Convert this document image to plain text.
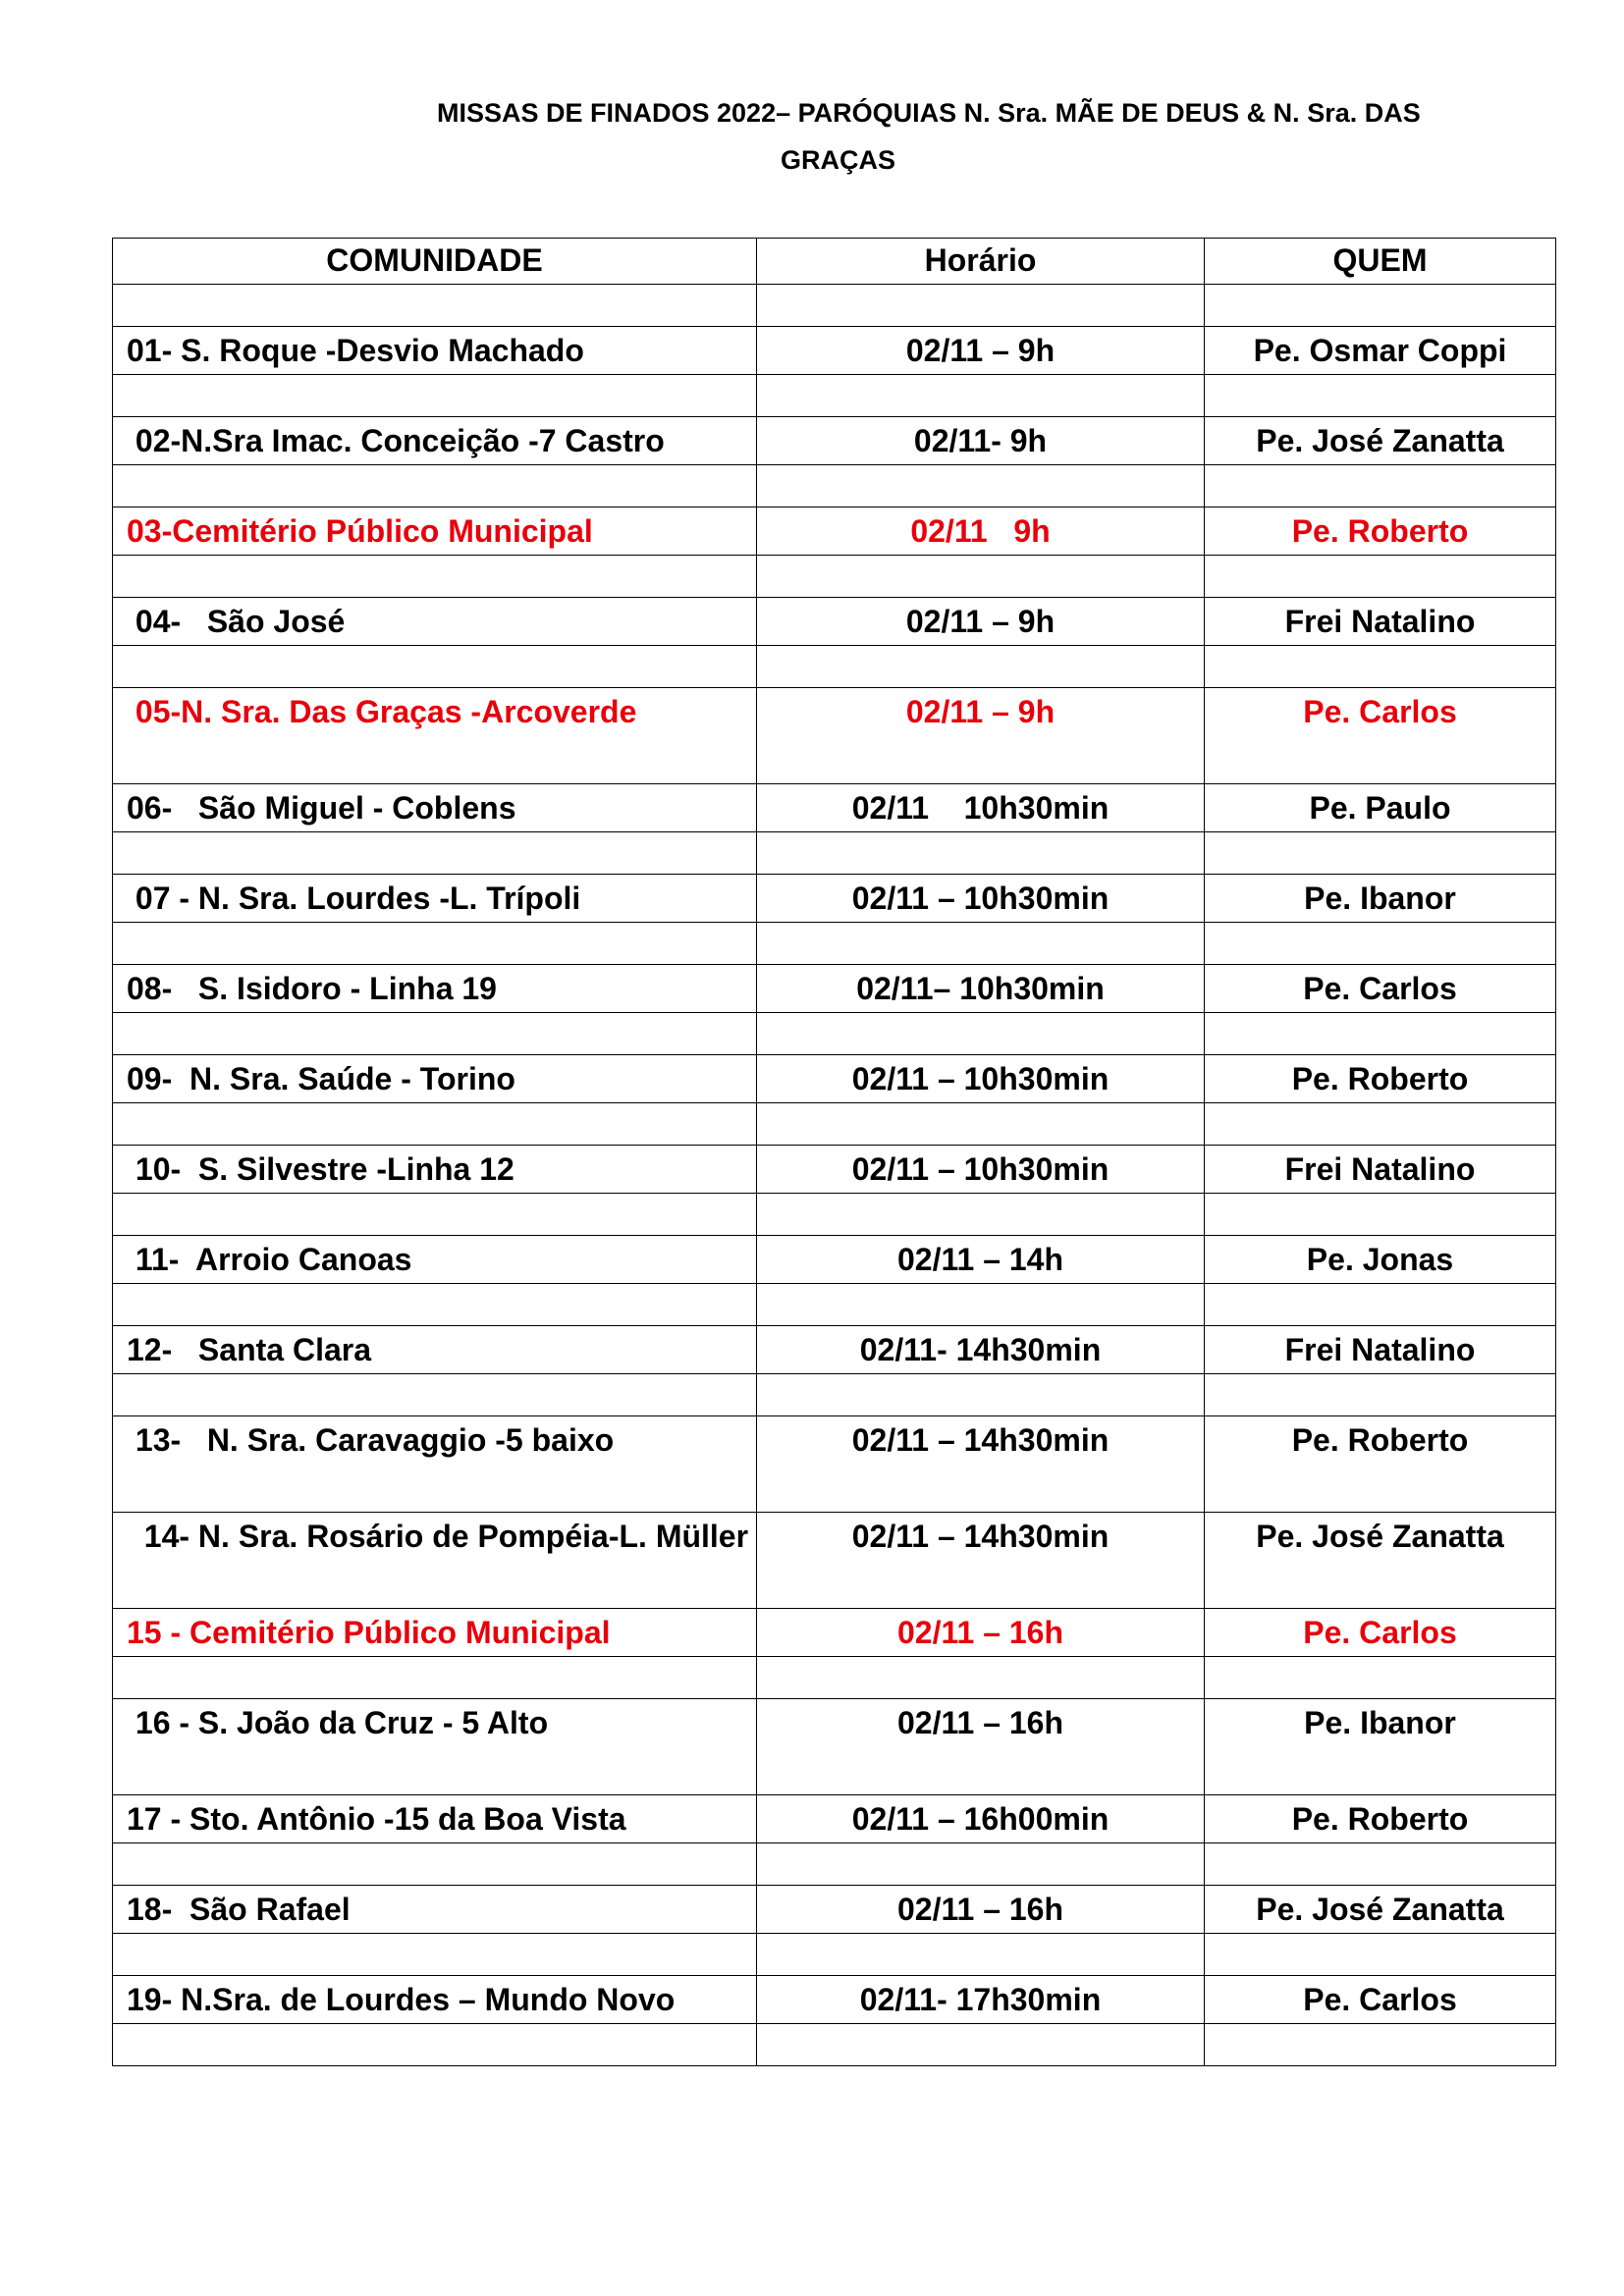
MISSAS DE FINADOS 2022– PARÓQUIAS N. Sra. MÃE DE DEUS & N. Sra. DAS
GRAÇAS
COMUNIDADE	Horário	QUEM

01- S. Roque -Desvio Machado	02/11 – 9h	Pe. Osmar Coppi

02-N.Sra Imac. Conceição -7 Castro	02/11- 9h	Pe. José Zanatta

03-Cemitério Público Municipal	02/11   9h	Pe. Roberto

04-   São José	02/11 – 9h	Frei Natalino

05-N. Sra. Das Graças -Arcoverde	02/11 – 9h	Pe. Carlos
06-   São Miguel - Coblens	02/11    10h30min	Pe. Paulo

07 - N. Sra. Lourdes -L. Trípoli	02/11 – 10h30min	Pe. Ibanor

08-   S. Isidoro - Linha 19	02/11– 10h30min	Pe. Carlos

09-  N. Sra. Saúde - Torino	02/11 – 10h30min	Pe. Roberto

10-  S. Silvestre -Linha 12	02/11 – 10h30min	Frei Natalino

11-  Arroio Canoas	02/11 – 14h	Pe. Jonas

12-   Santa Clara	02/11- 14h30min	Frei Natalino

13-   N. Sra. Caravaggio -5 baixo	02/11 – 14h30min	Pe. Roberto
14- N. Sra. Rosário de Pompéia-L. Müller	02/11 – 14h30min	Pe. José Zanatta
15 - Cemitério Público Municipal	02/11 – 16h	Pe. Carlos

16 - S. João da Cruz - 5 Alto	02/11 – 16h	Pe. Ibanor
17 - Sto. Antônio -15 da Boa Vista	02/11 – 16h00min	Pe. Roberto

18-  São Rafael	02/11 – 16h	Pe. José Zanatta

19- N.Sra. de Lourdes – Mundo Novo	02/11- 17h30min	Pe. Carlos
